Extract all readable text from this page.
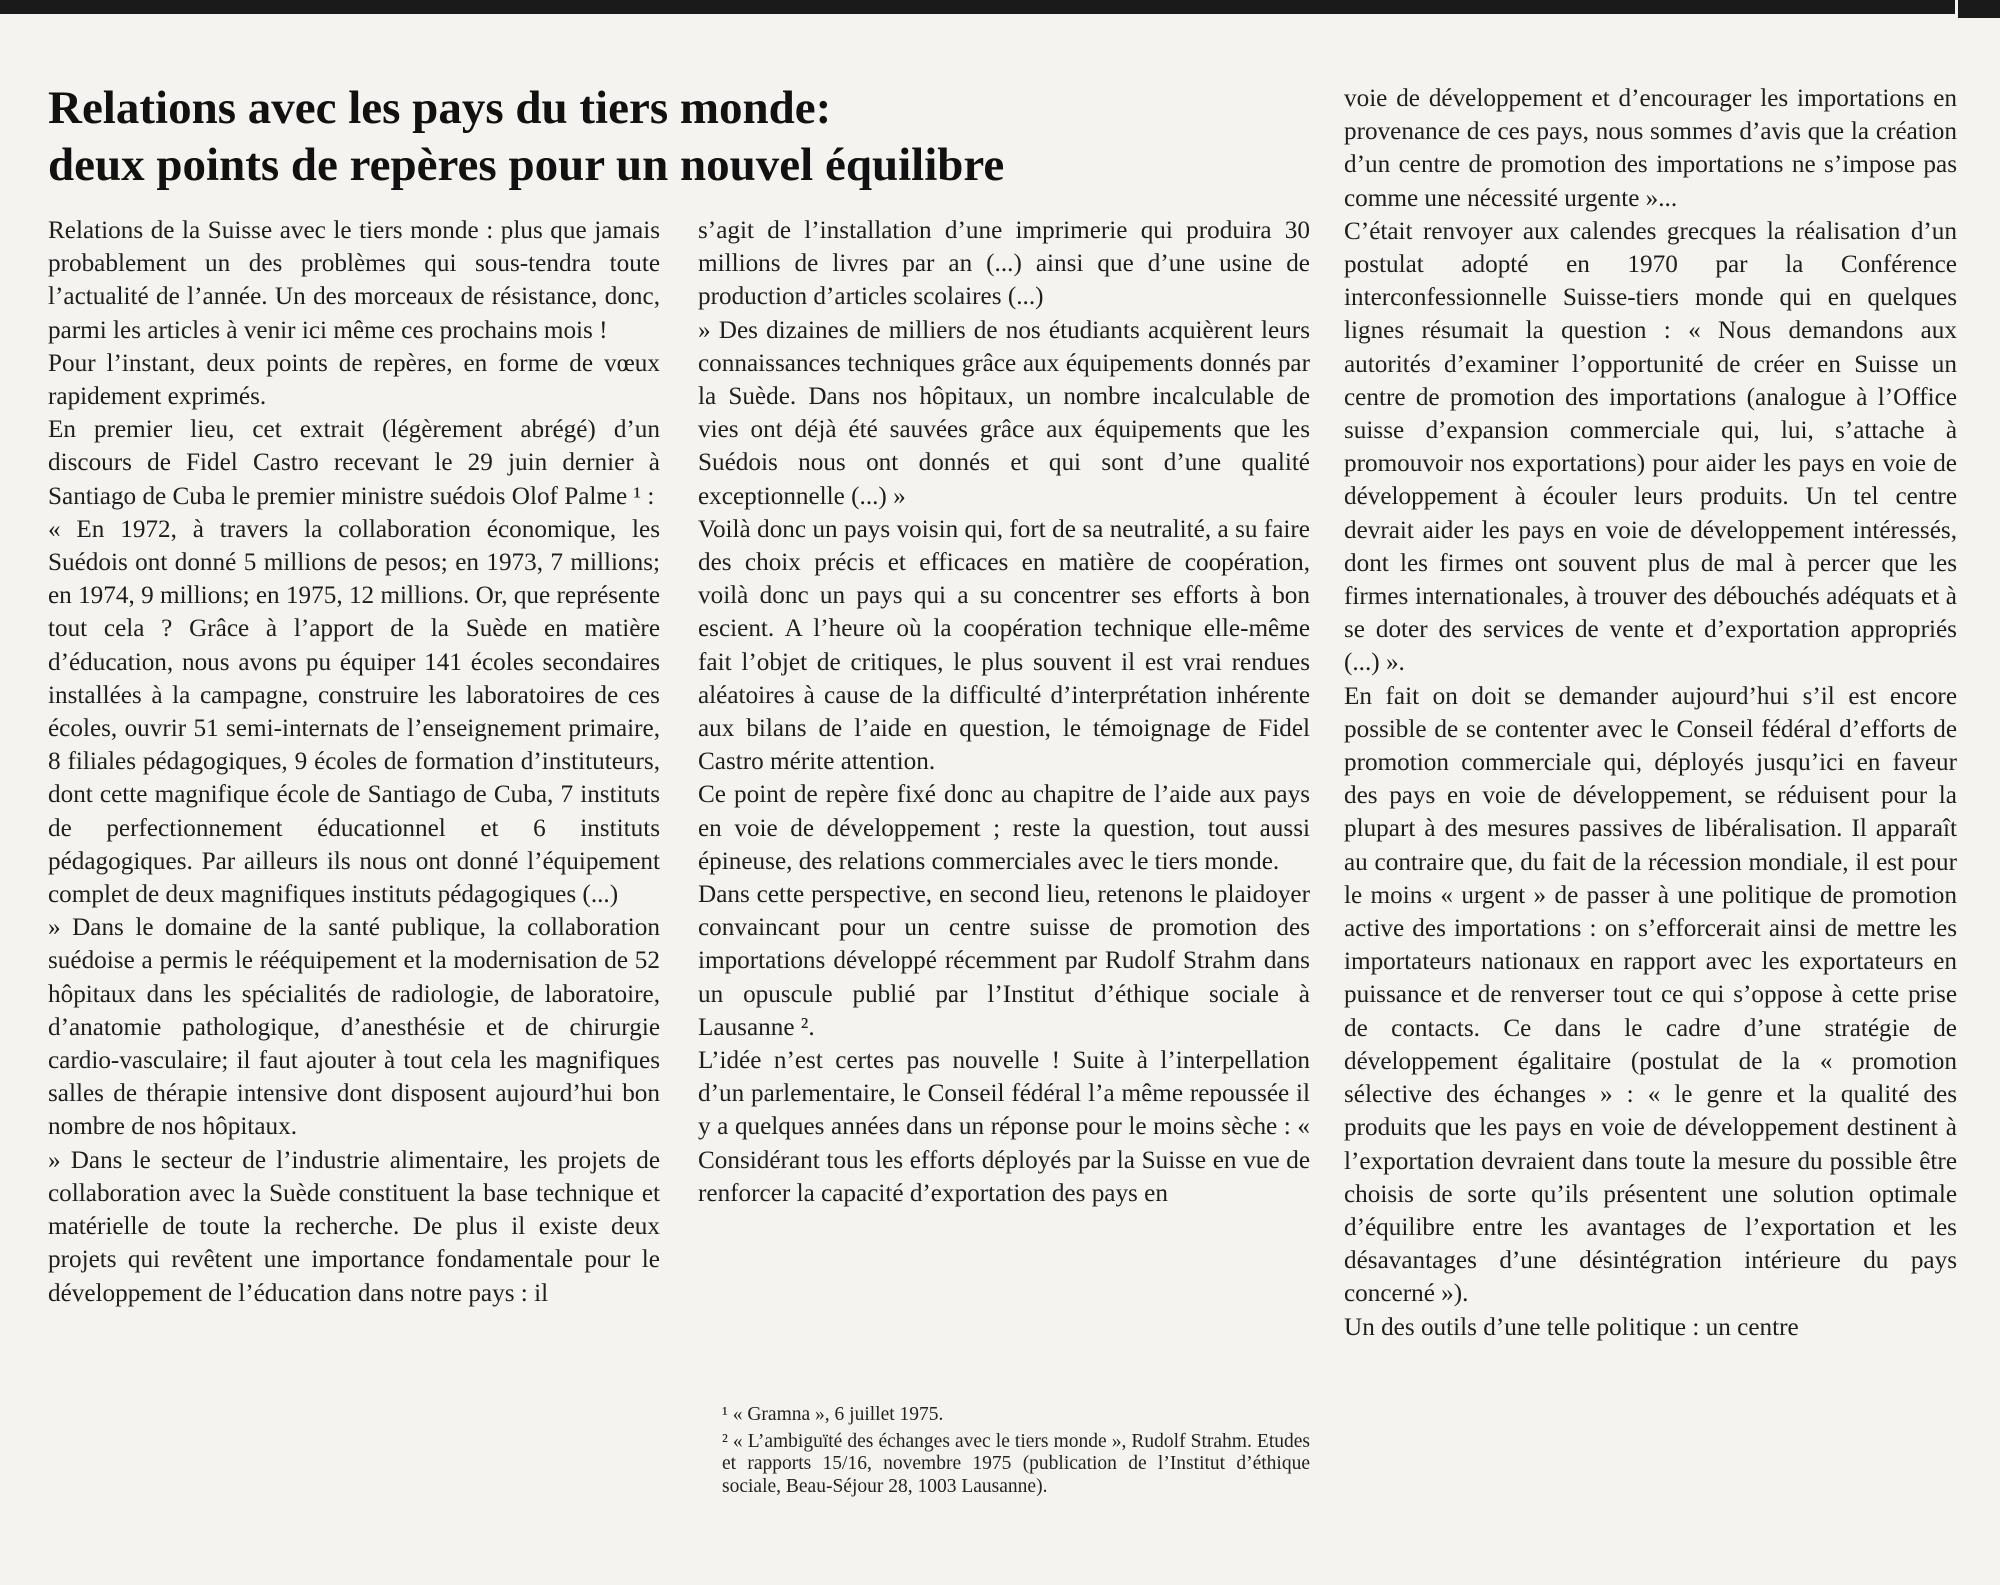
Relations avec les pays du tiers monde:
deux points de repères pour un nouvel équilibre

Relations de la Suisse avec le tiers monde : plus que jamais probablement un des problèmes qui sous-tendra toute l’actualité de l’année. Un des morceaux de résistance, donc, parmi les articles à venir ici même ces prochains mois !

Pour l’instant, deux points de repères, en forme de vœux rapidement exprimés.

En premier lieu, cet extrait (légèrement abrégé) d’un discours de Fidel Castro recevant le 29 juin dernier à Santiago de Cuba le premier ministre suédois Olof Palme ¹ :

« En 1972, à travers la collaboration économique, les Suédois ont donné 5 millions de pesos; en 1973, 7 millions; en 1974, 9 millions; en 1975, 12 millions. Or, que représente tout cela ? Grâce à l’apport de la Suède en matière d’éducation, nous avons pu équiper 141 écoles secondaires installées à la campagne, construire les laboratoires de ces écoles, ouvrir 51 semi-internats de l’enseignement primaire, 8 filiales pédagogiques, 9 écoles de formation d’instituteurs, dont cette magnifique école de Santiago de Cuba, 7 instituts de perfectionnement éducationnel et 6 instituts pédagogiques. Par ailleurs ils nous ont donné l’équipement complet de deux magnifiques instituts pédagogiques (...)

» Dans le domaine de la santé publique, la collaboration suédoise a permis le rééquipement et la modernisation de 52 hôpitaux dans les spécialités de radiologie, de laboratoire, d’anatomie pathologique, d’anesthésie et de chirurgie cardio-vasculaire; il faut ajouter à tout cela les magnifiques salles de thérapie intensive dont disposent aujourd’hui bon nombre de nos hôpitaux.

» Dans le secteur de l’industrie alimentaire, les projets de collaboration avec la Suède constituent la base technique et matérielle de toute la recherche. De plus il existe deux projets qui revêtent une importance fondamentale pour le développement de l’éducation dans notre pays : il

s’agit de l’installation d’une imprimerie qui produira 30 millions de livres par an (...) ainsi que d’une usine de production d’articles scolaires (...)

» Des dizaines de milliers de nos étudiants acquièrent leurs connaissances techniques grâce aux équipements donnés par la Suède. Dans nos hôpitaux, un nombre incalculable de vies ont déjà été sauvées grâce aux équipements que les Suédois nous ont donnés et qui sont d’une qualité exceptionnelle (...) »

Voilà donc un pays voisin qui, fort de sa neutralité, a su faire des choix précis et efficaces en matière de coopération, voilà donc un pays qui a su concentrer ses efforts à bon escient. A l’heure où la coopération technique elle-même fait l’objet de critiques, le plus souvent il est vrai rendues aléatoires à cause de la difficulté d’interprétation inhérente aux bilans de l’aide en question, le témoignage de Fidel Castro mérite attention.

Ce point de repère fixé donc au chapitre de l’aide aux pays en voie de développement ; reste la question, tout aussi épineuse, des relations commerciales avec le tiers monde.

Dans cette perspective, en second lieu, retenons le plaidoyer convaincant pour un centre suisse de promotion des importations développé récemment par Rudolf Strahm dans un opuscule publié par l’Institut d’éthique sociale à Lausanne ².

L’idée n’est certes pas nouvelle ! Suite à l’interpellation d’un parlementaire, le Conseil fédéral l’a même repoussée il y a quelques années dans un réponse pour le moins sèche : « Considérant tous les efforts déployés par la Suisse en vue de renforcer la capacité d’exportation des pays en

¹ « Gramna », 6 juillet 1975.

² « L’ambiguïté des échanges avec le tiers monde », Rudolf Strahm. Etudes et rapports 15/16, novembre 1975 (publication de l’Institut d’éthique sociale, Beau-Séjour 28, 1003 Lausanne).

voie de développement et d’encourager les importations en provenance de ces pays, nous sommes d’avis que la création d’un centre de promotion des importations ne s’impose pas comme une nécessité urgente »...

C’était renvoyer aux calendes grecques la réalisation d’un postulat adopté en 1970 par la Conférence interconfessionnelle Suisse-tiers monde qui en quelques lignes résumait la question : « Nous demandons aux autorités d’examiner l’opportunité de créer en Suisse un centre de promotion des importations (analogue à l’Office suisse d’expansion commerciale qui, lui, s’attache à promouvoir nos exportations) pour aider les pays en voie de développement à écouler leurs produits. Un tel centre devrait aider les pays en voie de développement intéressés, dont les firmes ont souvent plus de mal à percer que les firmes internationales, à trouver des débouchés adéquats et à se doter des services de vente et d’exportation appropriés (...) ».

En fait on doit se demander aujourd’hui s’il est encore possible de se contenter avec le Conseil fédéral d’efforts de promotion commerciale qui, déployés jusqu’ici en faveur des pays en voie de développement, se réduisent pour la plupart à des mesures passives de libéralisation. Il apparaît au contraire que, du fait de la récession mondiale, il est pour le moins « urgent » de passer à une politique de promotion active des importations : on s’efforcerait ainsi de mettre les importateurs nationaux en rapport avec les exportateurs en puissance et de renverser tout ce qui s’oppose à cette prise de contacts. Ce dans le cadre d’une stratégie de développement égalitaire (postulat de la « promotion sélective des échanges » : « le genre et la qualité des produits que les pays en voie de développement destinent à l’exportation devraient dans toute la mesure du possible être choisis de sorte qu’ils présentent une solution optimale d’équilibre entre les avantages de l’exportation et les désavantages d’une désintégration intérieure du pays concerné »).

Un des outils d’une telle politique : un centre
